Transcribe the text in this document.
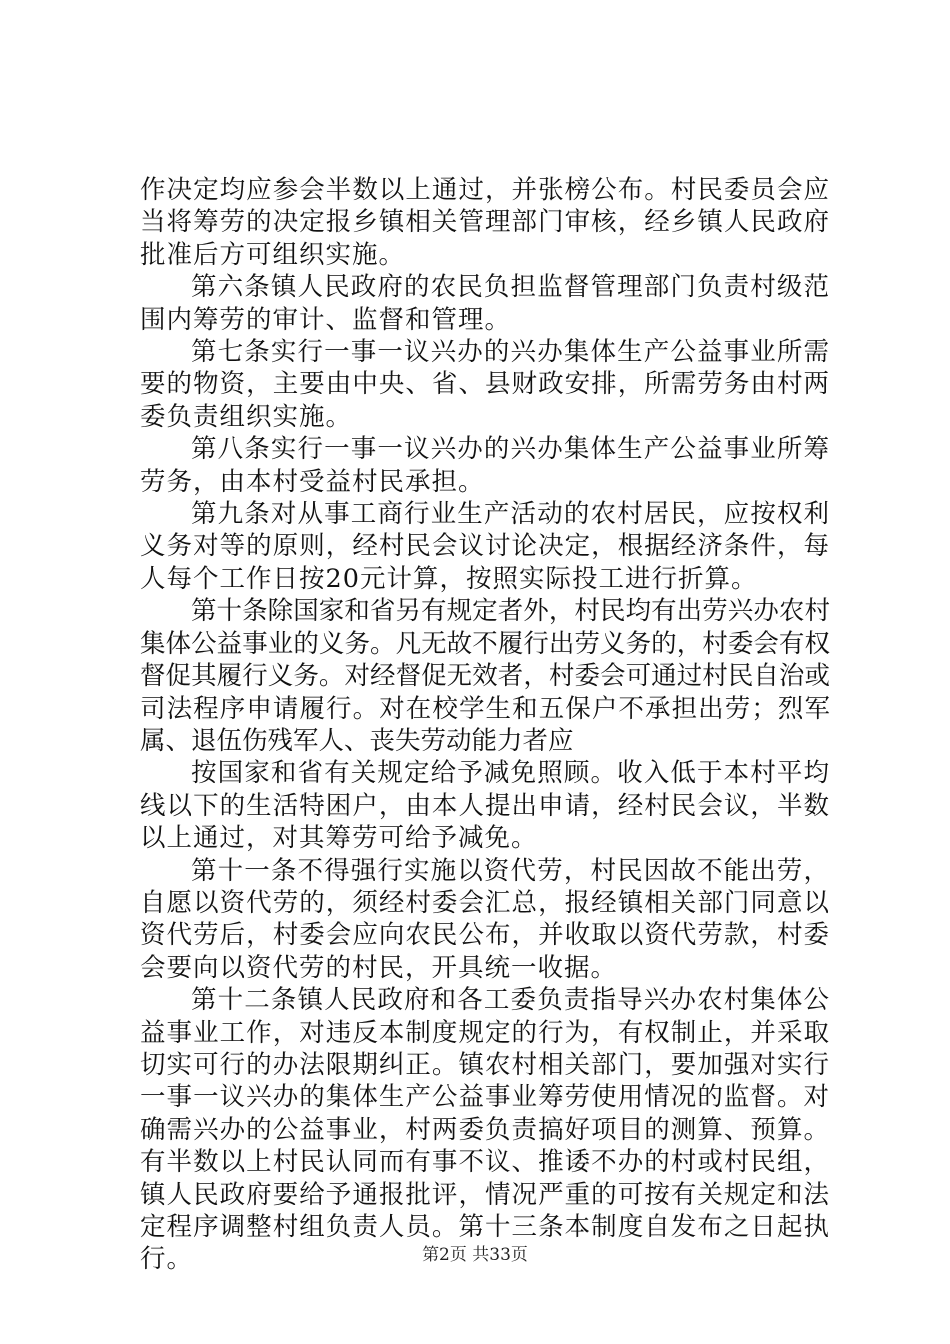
作决定均应参会半数以上通过，并张榜公布。村民委员会应当将筹劳的决定报乡镇相关管理部门审核，经乡镇人民政府批准后方可组织实施。

第六条镇人民政府的农民负担监督管理部门负责村级范围内筹劳的审计、监督和管理。

第七条实行一事一议兴办的兴办集体生产公益事业所需要的物资，主要由中央、省、县财政安排，所需劳务由村两委负责组织实施。

第八条实行一事一议兴办的兴办集体生产公益事业所筹劳务，由本村受益村民承担。

第九条对从事工商行业生产活动的农村居民，应按权利义务对等的原则，经村民会议讨论决定，根据经济条件，每人每个工作日按20元计算，按照实际投工进行折算。

第十条除国家和省另有规定者外，村民均有出劳兴办农村集体公益事业的义务。凡无故不履行出劳义务的，村委会有权督促其履行义务。对经督促无效者，村委会可通过村民自治或司法程序申请履行。对在校学生和五保户不承担出劳；烈军属、退伍伤残军人、丧失劳动能力者应

按国家和省有关规定给予减免照顾。收入低于本村平均线以下的生活特困户，由本人提出申请，经村民会议，半数以上通过，对其筹劳可给予减免。

第十一条不得强行实施以资代劳，村民因故不能出劳，自愿以资代劳的，须经村委会汇总，报经镇相关部门同意以资代劳后，村委会应向农民公布，并收取以资代劳款，村委会要向以资代劳的村民，开具统一收据。

第十二条镇人民政府和各工委负责指导兴办农村集体公益事业工作，对违反本制度规定的行为，有权制止，并采取切实可行的办法限期纠正。镇农村相关部门，要加强对实行一事一议兴办的集体生产公益事业筹劳使用情况的监督。对确需兴办的公益事业，村两委负责搞好项目的测算、预算。有半数以上村民认同而有事不议、推诿不办的村或村民组，镇人民政府要给予通报批评，情况严重的可按有关规定和法定程序调整村组负责人员。第十三条本制度自发布之日起执行。	第2页 共33页
